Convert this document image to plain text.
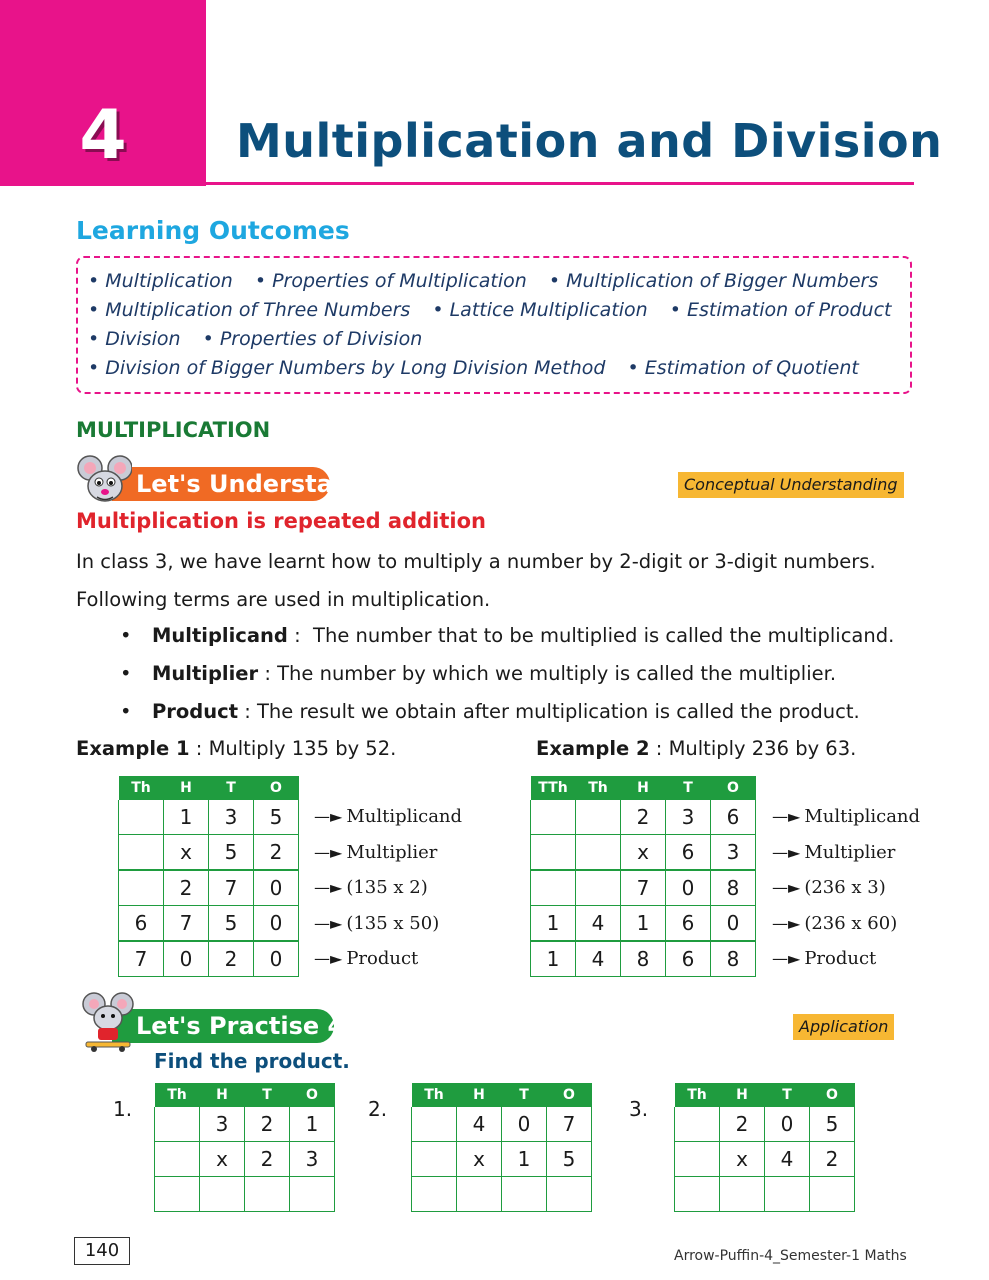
4	Multiplication and Division
Learning Outcomes
• Multiplication • Properties of Multiplication • Multiplication of Bigger Numbers
• Multiplication of Three Numbers • Lattice Multiplication • Estimation of Product
• Division • Properties of Division
• Division of Bigger Numbers by Long Division Method • Estimation of Quotient
MULTIPLICATION
Let's Understand	Conceptual Understanding
Multiplication is repeated addition
In class 3, we have learnt how to multiply a number by 2-digit or 3-digit numbers.
Following terms are used in multiplication.
• Multiplicand :  The number that to be multiplied is called the multiplicand.
• Multiplier : The number by which we multiply is called the multiplier.
• Product : The result we obtain after multiplication is called the product.
Example 1 : Multiply 135 by 52.	Example 2 : Multiply 236 by 63.
Th	H	T	O
	1	3	5
	x	5	2
	2	7	0
6	7	5	0
7	0	2	0
—► Multiplicand
—► Multiplier
—► (135 x 2)
—► (135 x 50)
—► Product
TTh	Th	H	T	O
		2	3	6
		x	6	3
		7	0	8
1	4	1	6	0
1	4	8	6	8
—► Multiplicand
—► Multiplier
—► (236 x 3)
—► (236 x 60)
—► Product
Let's Practise 4.1	Application
Find the product.
1.	2.	3.
Th	H	T	O
	3	2	1
	x	2	3

Th	H	T	O
	4	0	7
	x	1	5

Th	H	T	O
	2	0	5
	x	4	2

140	Arrow-Puffin-4_Semester-1 Maths
